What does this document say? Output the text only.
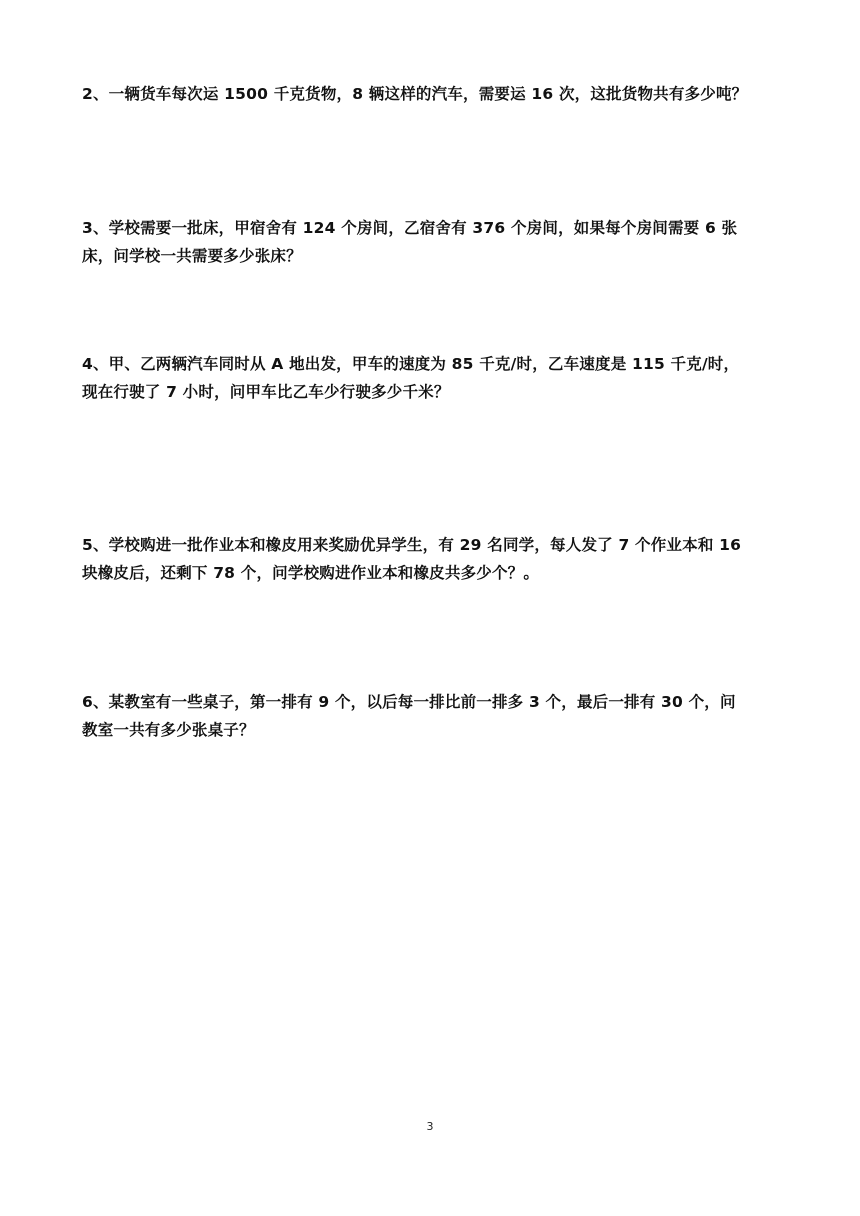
2、一辆货车每次运 1500 千克货物，8 辆这样的汽车，需要运 16 次，这批货物共有多少吨？
3、学校需要一批床，甲宿舍有 124 个房间，乙宿舍有 376 个房间，如果每个房间需要 6 张
床，问学校一共需要多少张床？
4、甲、乙两辆汽车同时从 A 地出发，甲车的速度为 85 千克/时，乙车速度是 115 千克/时，
现在行驶了 7 小时，问甲车比乙车少行驶多少千米？
5、学校购进一批作业本和橡皮用来奖励优异学生，有 29 名同学，每人发了 7 个作业本和 16
块橡皮后，还剩下 78 个，问学校购进作业本和橡皮共多少个？。
6、某教室有一些桌子，第一排有 9 个，以后每一排比前一排多 3 个，最后一排有 30 个，问
教室一共有多少张桌子？
3
